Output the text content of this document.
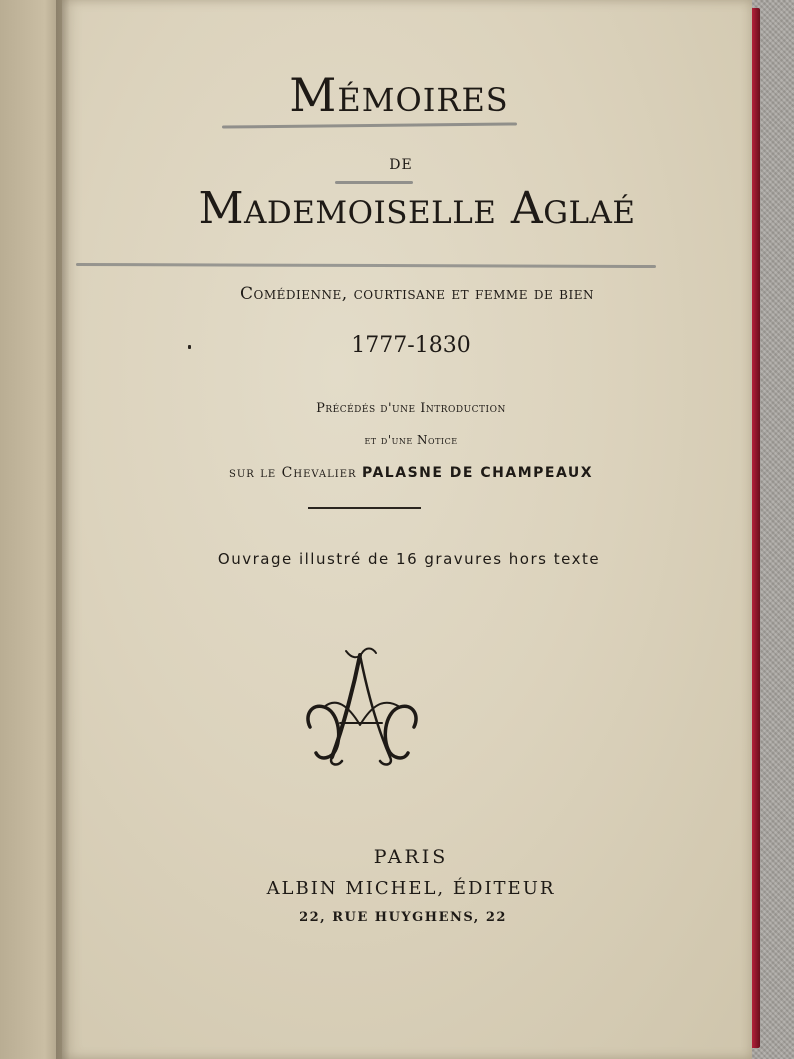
Mémoires
de
Mademoiselle Aglaé
Comédienne, courtisane et femme de bien
1777-1830
Précédés d'une Introduction
et d'une Notice
sur le Chevalier PALASNE DE CHAMPEAUX
Ouvrage illustré de 16 gravures hors texte
PARIS
ALBIN MICHEL, ÉDITEUR
22, RUE HUYGHENS, 22
